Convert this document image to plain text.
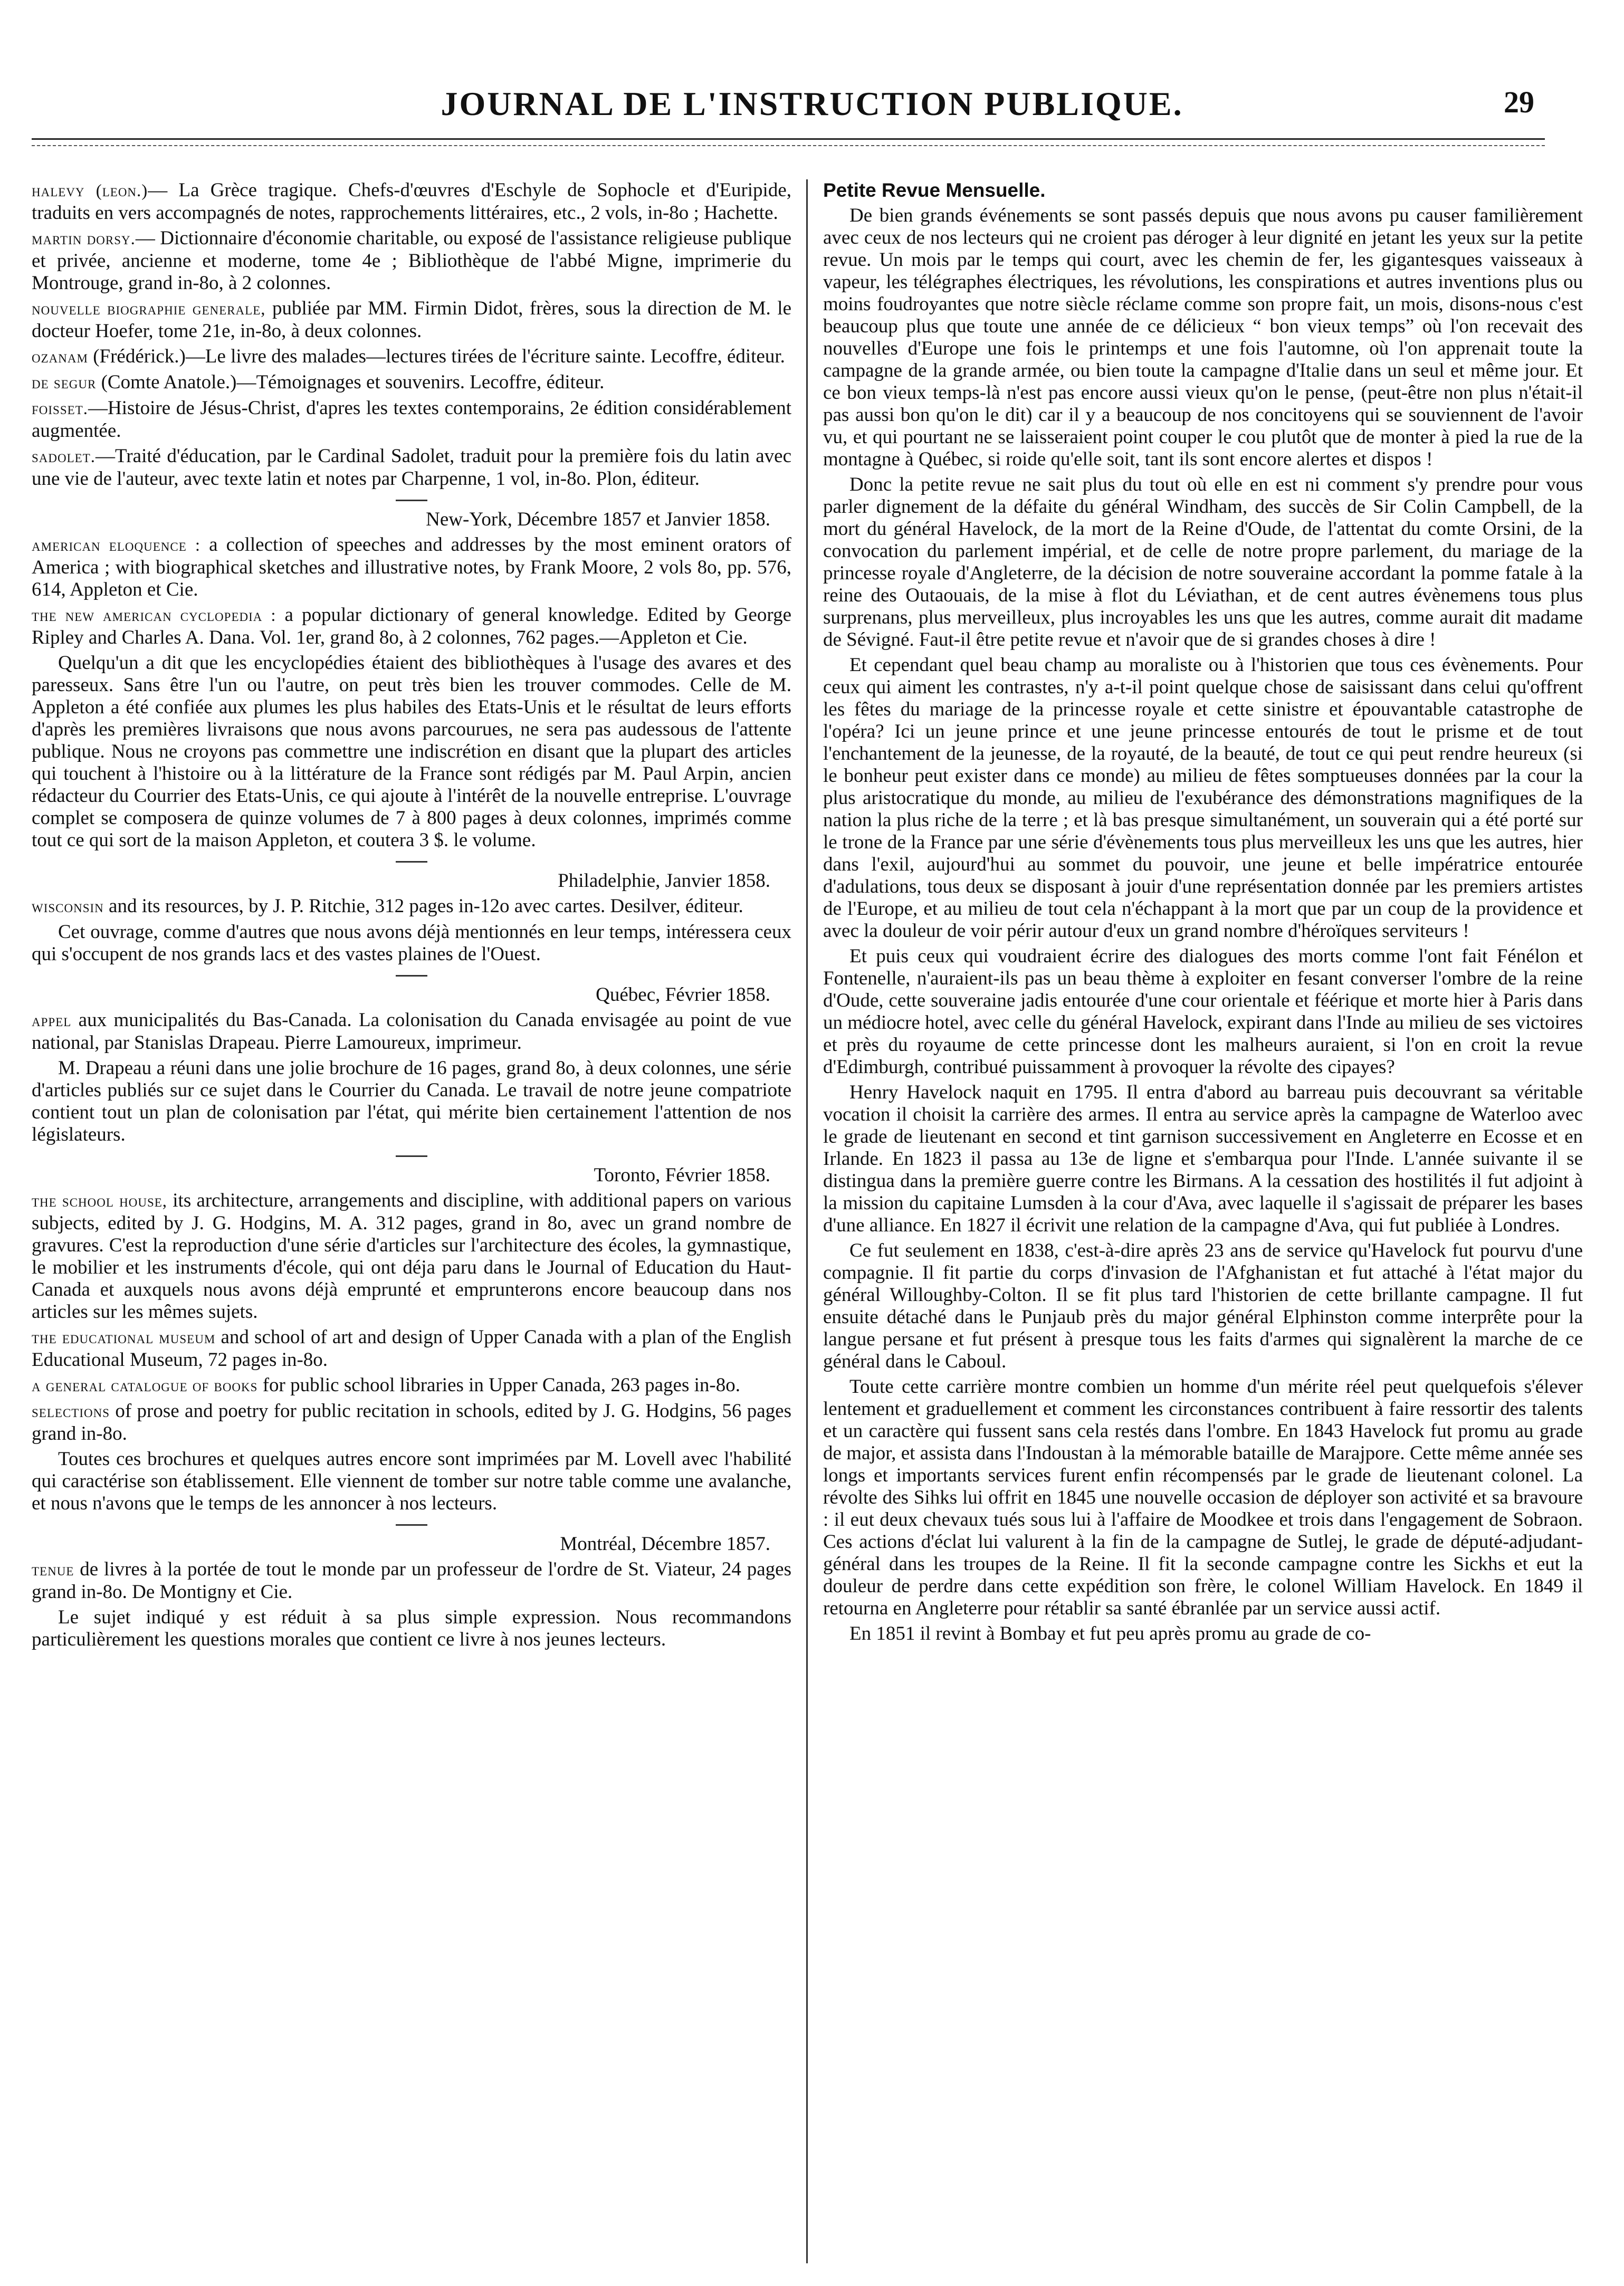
JOURNAL DE L'INSTRUCTION PUBLIQUE.	29

halevy (leon.)— La Grèce tragique. Chefs-d'œuvres d'Eschyle de Sophocle et d'Euripide, traduits en vers accompagnés de notes, rapprochements littéraires, etc., 2 vols, in-8o ; Hachette.

martin dorsy.— Dictionnaire d'économie charitable, ou exposé de l'assistance religieuse publique et privée, ancienne et moderne, tome 4e ; Bibliothèque de l'abbé Migne, imprimerie du Montrouge, grand in-8o, à 2 colonnes.

nouvelle biographie generale, publiée par MM. Firmin Didot, frères, sous la direction de M. le docteur Hoefer, tome 21e, in-8o, à deux colonnes.

ozanam (Frédérick.)—Le livre des malades—lectures tirées de l'écriture sainte. Lecoffre, éditeur.

de segur (Comte Anatole.)—Témoignages et souvenirs. Lecoffre, éditeur.

foisset.—Histoire de Jésus-Christ, d'apres les textes contemporains, 2e édition considérablement augmentée.

sadolet.—Traité d'éducation, par le Cardinal Sadolet, traduit pour la première fois du latin avec une vie de l'auteur, avec texte latin et notes par Charpenne, 1 vol, in-8o. Plon, éditeur.

New-York, Décembre 1857 et Janvier 1858.

american eloquence : a collection of speeches and addresses by the most eminent orators of America ; with biographical sketches and illustrative notes, by Frank Moore, 2 vols 8o, pp. 576, 614, Appleton et Cie.

the new american cyclopedia : a popular dictionary of general knowledge. Edited by George Ripley and Charles A. Dana. Vol. 1er, grand 8o, à 2 colonnes, 762 pages.—Appleton et Cie.

Quelqu'un a dit que les encyclopédies étaient des bibliothèques à l'usage des avares et des paresseux. Sans être l'un ou l'autre, on peut très bien les trouver commodes. Celle de M. Appleton a été confiée aux plumes les plus habiles des Etats-Unis et le résultat de leurs efforts d'après les premières livraisons que nous avons parcourues, ne sera pas audessous de l'attente publique. Nous ne croyons pas commettre une indiscrétion en disant que la plupart des articles qui touchent à l'histoire ou à la littérature de la France sont rédigés par M. Paul Arpin, ancien rédacteur du Courrier des Etats-Unis, ce qui ajoute à l'intérêt de la nouvelle entreprise. L'ouvrage complet se composera de quinze volumes de 7 à 800 pages à deux colonnes, imprimés comme tout ce qui sort de la maison Appleton, et coutera 3 $. le volume.

Philadelphie, Janvier 1858.

wisconsin and its resources, by J. P. Ritchie, 312 pages in-12o avec cartes. Desilver, éditeur.

Cet ouvrage, comme d'autres que nous avons déjà mentionnés en leur temps, intéressera ceux qui s'occupent de nos grands lacs et des vastes plaines de l'Ouest.

Québec, Février 1858.

appel aux municipalités du Bas-Canada. La colonisation du Canada envisagée au point de vue national, par Stanislas Drapeau. Pierre Lamoureux, imprimeur.

M. Drapeau a réuni dans une jolie brochure de 16 pages, grand 8o, à deux colonnes, une série d'articles publiés sur ce sujet dans le Courrier du Canada. Le travail de notre jeune compatriote contient tout un plan de colonisation par l'état, qui mérite bien certainement l'attention de nos législateurs.

Toronto, Février 1858.

the school house, its architecture, arrangements and discipline, with additional papers on various subjects, edited by J. G. Hodgins, M. A. 312 pages, grand in 8o, avec un grand nombre de gravures. C'est la reproduction d'une série d'articles sur l'architecture des écoles, la gymnastique, le mobilier et les instruments d'école, qui ont déja paru dans le Journal of Education du Haut-Canada et auxquels nous avons déjà emprunté et emprunterons encore beaucoup dans nos articles sur les mêmes sujets.

the educational museum and school of art and design of Upper Canada with a plan of the English Educational Museum, 72 pages in-8o.

a general catalogue of books for public school libraries in Upper Canada, 263 pages in-8o.

selections of prose and poetry for public recitation in schools, edited by J. G. Hodgins, 56 pages grand in-8o.

Toutes ces brochures et quelques autres encore sont imprimées par M. Lovell avec l'habilité qui caractérise son établissement. Elle viennent de tomber sur notre table comme une avalanche, et nous n'avons que le temps de les annoncer à nos lecteurs.

Montréal, Décembre 1857.

tenue de livres à la portée de tout le monde par un professeur de l'ordre de St. Viateur, 24 pages grand in-8o. De Montigny et Cie.

Le sujet indiqué y est réduit à sa plus simple expression. Nous recommandons particulièrement les questions morales que contient ce livre à nos jeunes lecteurs.

Petite Revue Mensuelle.

De bien grands événements se sont passés depuis que nous avons pu causer familièrement avec ceux de nos lecteurs qui ne croient pas déroger à leur dignité en jetant les yeux sur la petite revue. Un mois par le temps qui court, avec les chemin de fer, les gigantesques vaisseaux à vapeur, les télégraphes électriques, les révolutions, les conspirations et autres inventions plus ou moins foudroyantes que notre siècle réclame comme son propre fait, un mois, disons-nous c'est beaucoup plus que toute une année de ce délicieux “ bon vieux temps” où l'on recevait des nouvelles d'Europe une fois le printemps et une fois l'automne, où l'on apprenait toute la campagne de la grande armée, ou bien toute la campagne d'Italie dans un seul et même jour. Et ce bon vieux temps-là n'est pas encore aussi vieux qu'on le pense, (peut-être non plus n'était-il pas aussi bon qu'on le dit) car il y a beaucoup de nos concitoyens qui se souviennent de l'avoir vu, et qui pourtant ne se laisseraient point couper le cou plutôt que de monter à pied la rue de la montagne à Québec, si roide qu'elle soit, tant ils sont encore alertes et dispos !

Donc la petite revue ne sait plus du tout où elle en est ni comment s'y prendre pour vous parler dignement de la défaite du général Windham, des succès de Sir Colin Campbell, de la mort du général Havelock, de la mort de la Reine d'Oude, de l'attentat du comte Orsini, de la convocation du parlement impérial, et de celle de notre propre parlement, du mariage de la princesse royale d'Angleterre, de la décision de notre souveraine accordant la pomme fatale à la reine des Outaouais, de la mise à flot du Léviathan, et de cent autres évènemens tous plus surprenans, plus merveilleux, plus incroyables les uns que les autres, comme aurait dit madame de Sévigné. Faut-il être petite revue et n'avoir que de si grandes choses à dire !

Et cependant quel beau champ au moraliste ou à l'historien que tous ces évènements. Pour ceux qui aiment les contrastes, n'y a-t-il point quelque chose de saisissant dans celui qu'offrent les fêtes du mariage de la princesse royale et cette sinistre et épouvantable catastrophe de l'opéra? Ici un jeune prince et une jeune princesse entourés de tout le prisme et de tout l'enchantement de la jeunesse, de la royauté, de la beauté, de tout ce qui peut rendre heureux (si le bonheur peut exister dans ce monde) au milieu de fêtes somptueuses données par la cour la plus aristocratique du monde, au milieu de l'exubérance des démonstrations magnifiques de la nation la plus riche de la terre ; et là bas presque simultanément, un souverain qui a été porté sur le trone de la France par une série d'évènements tous plus merveilleux les uns que les autres, hier dans l'exil, aujourd'hui au sommet du pouvoir, une jeune et belle impératrice entourée d'adulations, tous deux se disposant à jouir d'une représentation donnée par les premiers artistes de l'Europe, et au milieu de tout cela n'échappant à la mort que par un coup de la providence et avec la douleur de voir périr autour d'eux un grand nombre d'héroïques serviteurs !

Et puis ceux qui voudraient écrire des dialogues des morts comme l'ont fait Fénélon et Fontenelle, n'auraient-ils pas un beau thème à exploiter en fesant converser l'ombre de la reine d'Oude, cette souveraine jadis entourée d'une cour orientale et féérique et morte hier à Paris dans un médiocre hotel, avec celle du général Havelock, expirant dans l'Inde au milieu de ses victoires et près du royaume de cette princesse dont les malheurs auraient, si l'on en croit la revue d'Edimburgh, contribué puissamment à provoquer la révolte des cipayes?

Henry Havelock naquit en 1795. Il entra d'abord au barreau puis decouvrant sa véritable vocation il choisit la carrière des armes. Il entra au service après la campagne de Waterloo avec le grade de lieutenant en second et tint garnison successivement en Angleterre en Ecosse et en Irlande. En 1823 il passa au 13e de ligne et s'embarqua pour l'Inde. L'année suivante il se distingua dans la première guerre contre les Birmans. A la cessation des hostilités il fut adjoint à la mission du capitaine Lumsden à la cour d'Ava, avec laquelle il s'agissait de préparer les bases d'une alliance. En 1827 il écrivit une relation de la campagne d'Ava, qui fut publiée à Londres.

Ce fut seulement en 1838, c'est-à-dire après 23 ans de service qu'Havelock fut pourvu d'une compagnie. Il fit partie du corps d'invasion de l'Afghanistan et fut attaché à l'état major du général Willoughby-Colton. Il se fit plus tard l'historien de cette brillante campagne. Il fut ensuite détaché dans le Punjaub près du major général Elphinston comme interprête pour la langue persane et fut présent à presque tous les faits d'armes qui signalèrent la marche de ce général dans le Caboul.

Toute cette carrière montre combien un homme d'un mérite réel peut quelquefois s'élever lentement et graduellement et comment les circonstances contribuent à faire ressortir des talents et un caractère qui fussent sans cela restés dans l'ombre. En 1843 Havelock fut promu au grade de major, et assista dans l'Indoustan à la mémorable bataille de Marajpore. Cette même année ses longs et importants services furent enfin récompensés par le grade de lieutenant colonel. La révolte des Sihks lui offrit en 1845 une nouvelle occasion de déployer son activité et sa bravoure : il eut deux chevaux tués sous lui à l'affaire de Moodkee et trois dans l'engagement de Sobraon. Ces actions d'éclat lui valurent à la fin de la campagne de Sutlej, le grade de député-adjudant-général dans les troupes de la Reine. Il fit la seconde campagne contre les Sickhs et eut la douleur de perdre dans cette expédition son frère, le colonel William Havelock. En 1849 il retourna en Angleterre pour rétablir sa santé ébranlée par un service aussi actif.

En 1851 il revint à Bombay et fut peu après promu au grade de co-
